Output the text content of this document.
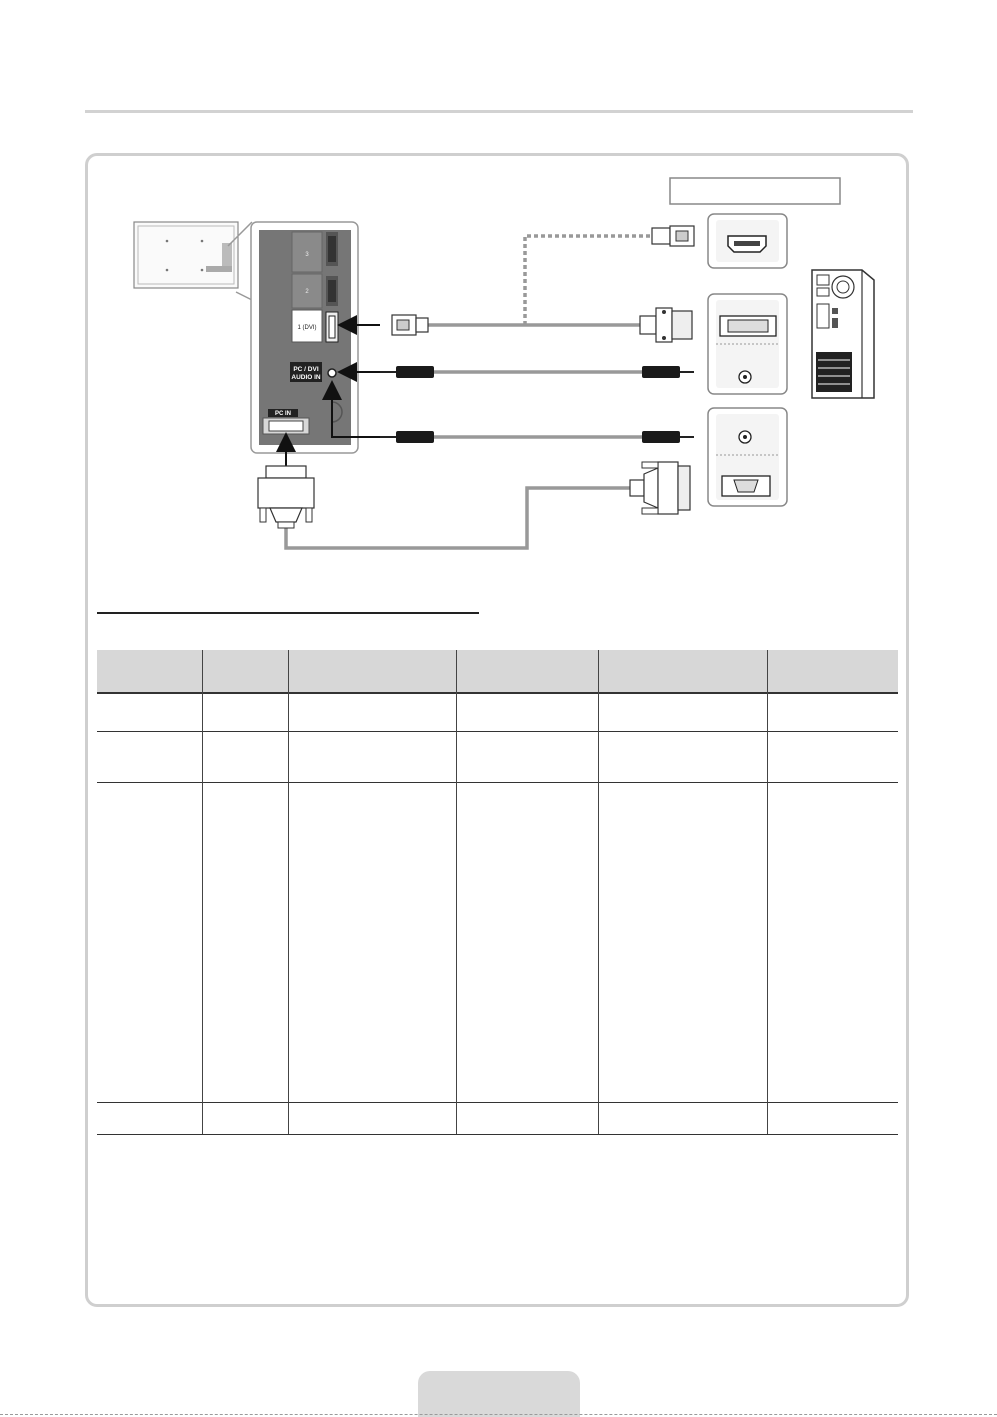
3
2
1 (DVI)
PC / DVI
AUDIO IN
PC IN
